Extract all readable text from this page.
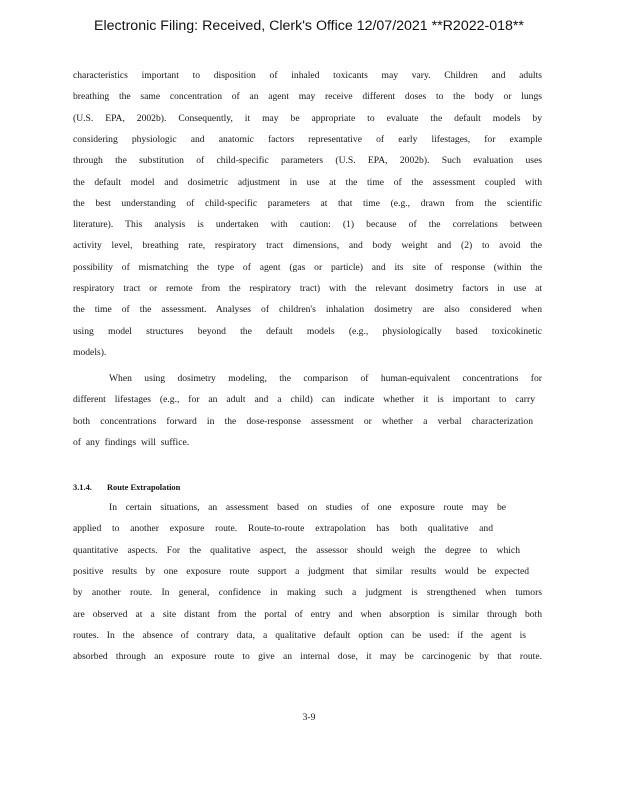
Electronic Filing: Received, Clerk's Office 12/07/2021 **R2022-018**
characteristics important to disposition of inhaled toxicants may vary. Children and adults
breathing the same concentration of an agent may receive different doses to the body or lungs
(U.S. EPA, 2002b). Consequently, it may be appropriate to evaluate the default models by
considering physiologic and anatomic factors representative of early lifestages, for example
through the substitution of child-specific parameters (U.S. EPA, 2002b). Such evaluation uses
the default model and dosimetric adjustment in use at the time of the assessment coupled with
the best understanding of child-specific parameters at that time (e.g., drawn from the scientific
literature). This analysis is undertaken with caution: (1) because of the correlations between
activity level, breathing rate, respiratory tract dimensions, and body weight and (2) to avoid the
possibility of mismatching the type of agent (gas or particle) and its site of response (within the
respiratory tract or remote from the respiratory tract) with the relevant dosimetry factors in use at
the time of the assessment. Analyses of children's inhalation dosimetry are also considered when
using model structures beyond the default models (e.g., physiologically based toxicokinetic
models).
When using dosimetry modeling, the comparison of human-equivalent concentrations for
different lifestages (e.g., for an adult and a child) can indicate whether it is important to carry
both concentrations forward in the dose-response assessment or whether a verbal characterization
of any findings will suffice.
3.1.4. Route Extrapolation
In certain situations, an assessment based on studies of one exposure route may be
applied to another exposure route. Route-to-route extrapolation has both qualitative and
quantitative aspects. For the qualitative aspect, the assessor should weigh the degree to which
positive results by one exposure route support a judgment that similar results would be expected
by another route. In general, confidence in making such a judgment is strengthened when tumors
are observed at a site distant from the portal of entry and when absorption is similar through both
routes. In the absence of contrary data, a qualitative default option can be used: if the agent is
absorbed through an exposure route to give an internal dose, it may be carcinogenic by that route.
3-9
